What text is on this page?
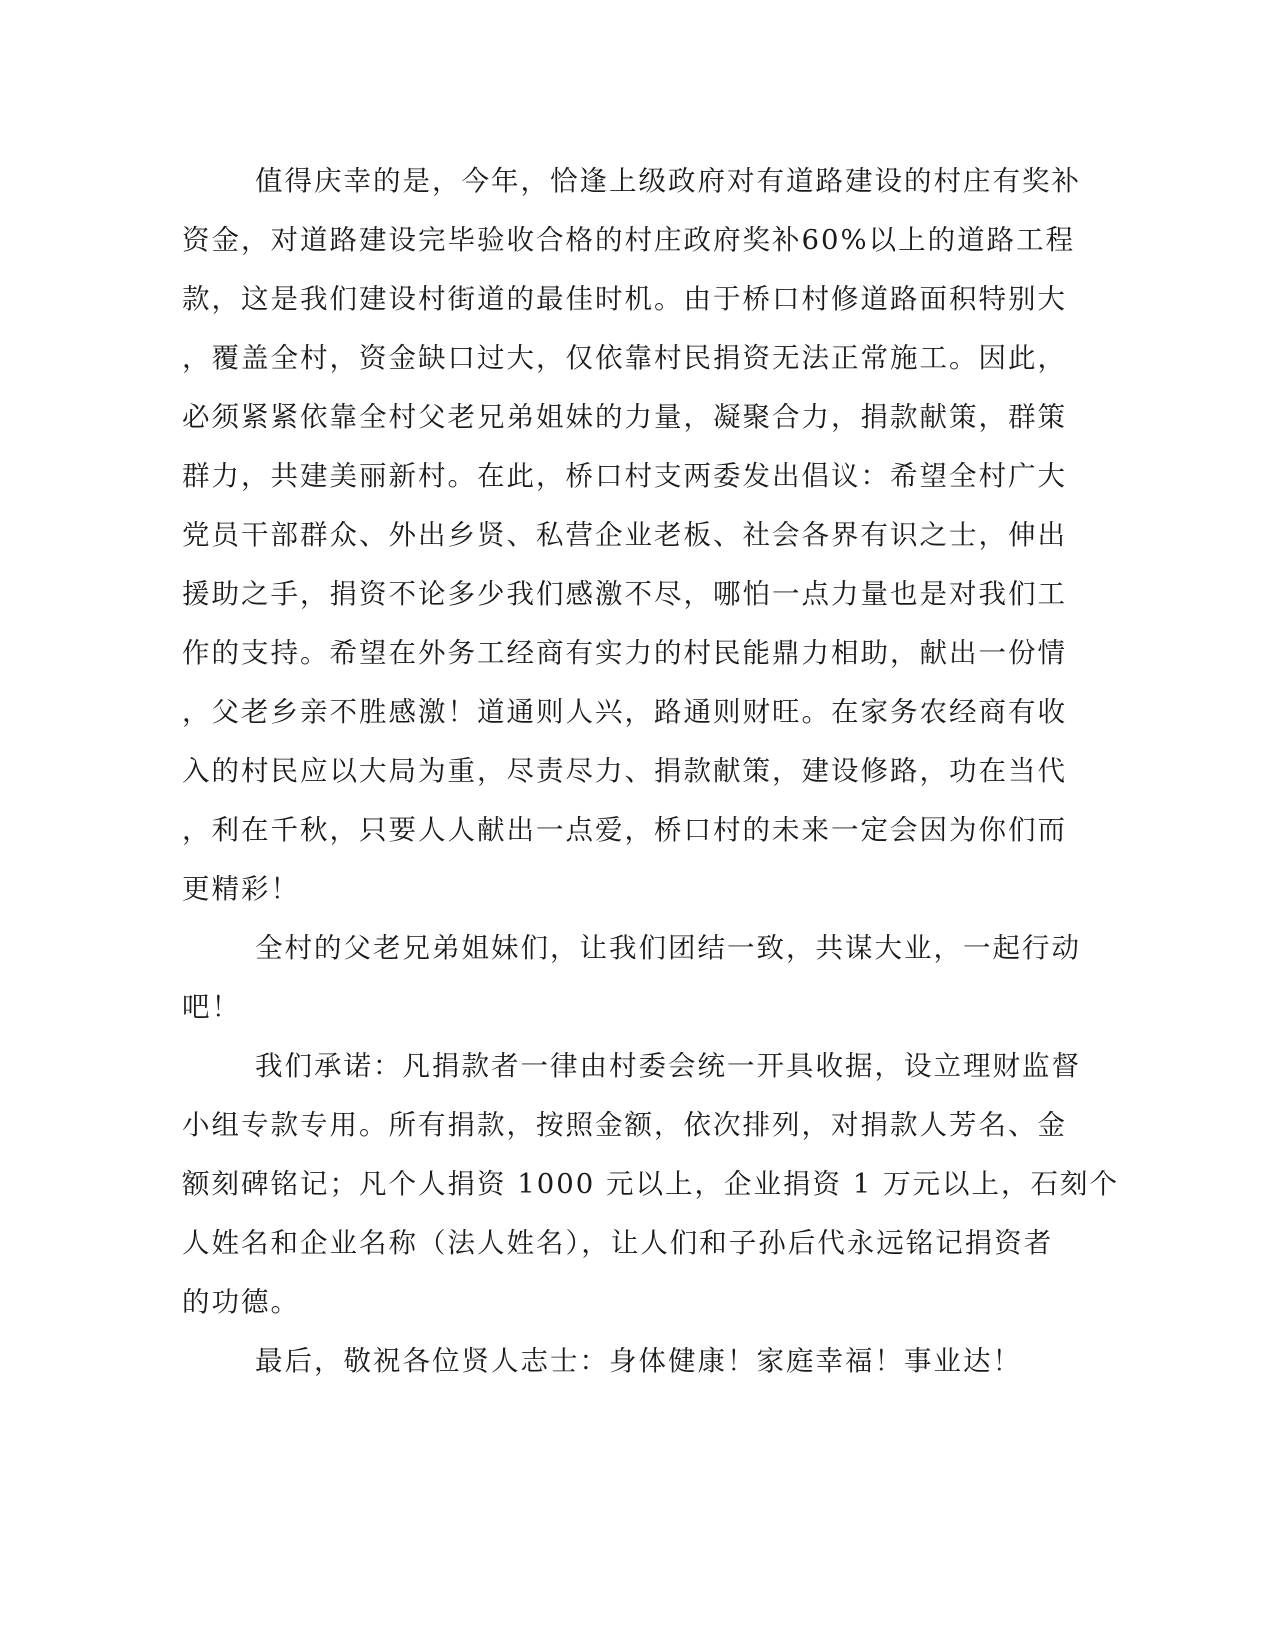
值得庆幸的是，今年，恰逢上级政府对有道路建设的村庄有奖补
资金，对道路建设完毕验收合格的村庄政府奖补60%以上的道路工程
款，这是我们建设村街道的最佳时机。由于桥口村修道路面积特别大
，覆盖全村，资金缺口过大，仅依靠村民捐资无法正常施工。因此，
必须紧紧依靠全村父老兄弟姐妹的力量，凝聚合力，捐款献策，群策
群力，共建美丽新村。在此，桥口村支两委发出倡议：希望全村广大
党员干部群众、外出乡贤、私营企业老板、社会各界有识之士，伸出
援助之手，捐资不论多少我们感激不尽，哪怕一点力量也是对我们工
作的支持。希望在外务工经商有实力的村民能鼎力相助，献出一份情
，父老乡亲不胜感激！道通则人兴，路通则财旺。在家务农经商有收
入的村民应以大局为重，尽责尽力、捐款献策，建设修路，功在当代
，利在千秋，只要人人献出一点爱，桥口村的未来一定会因为你们而
更精彩！

全村的父老兄弟姐妹们，让我们团结一致，共谋大业，一起行动
吧！

我们承诺：凡捐款者一律由村委会统一开具收据，设立理财监督
小组专款专用。所有捐款，按照金额，依次排列，对捐款人芳名、金
额刻碑铭记；凡个人捐资 1000 元以上，企业捐资 1 万元以上，石刻个
人姓名和企业名称（法人姓名），让人们和子孙后代永远铭记捐资者
的功德。

最后，敬祝各位贤人志士：身体健康！家庭幸福！事业达！
